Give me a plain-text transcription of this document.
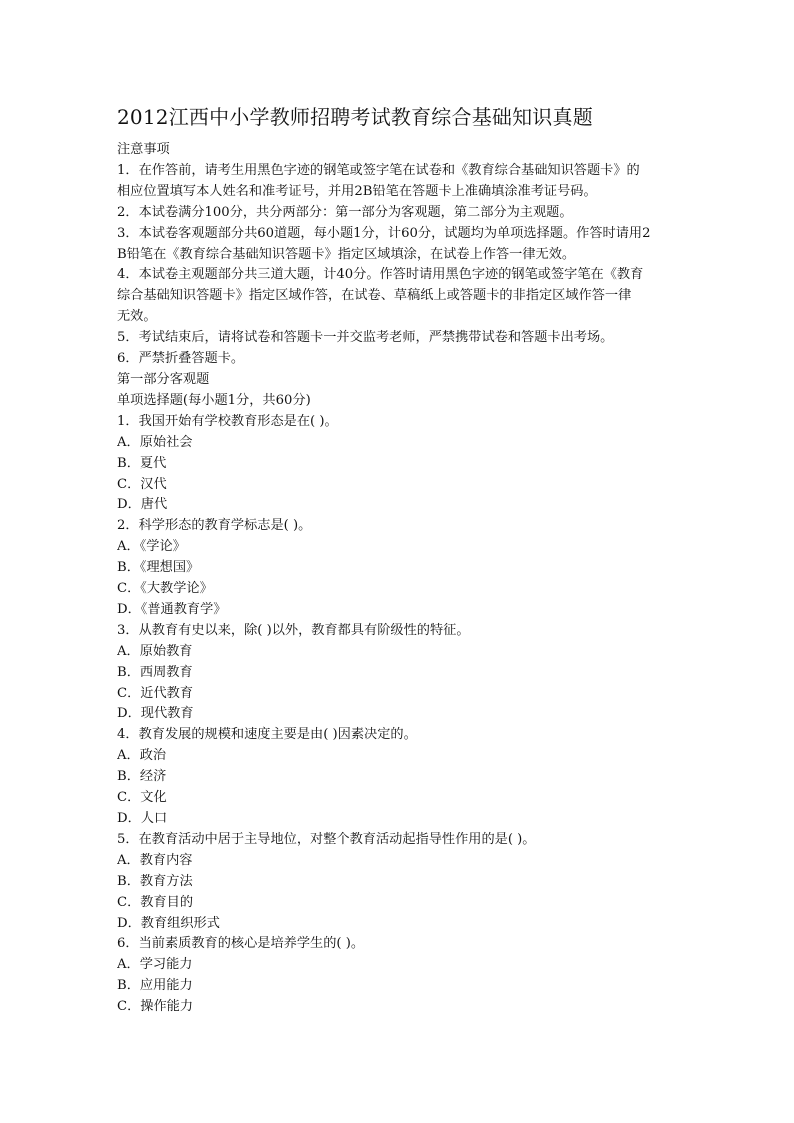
2012江西中小学教师招聘考试教育综合基础知识真题
注意事项
1．在作答前，请考生用黑色字迹的钢笔或签字笔在试卷和《教育综合基础知识答题卡》的
相应位置填写本人姓名和准考证号，并用2B铅笔在答题卡上准确填涂准考证号码。
2．本试卷满分100分，共分两部分：第一部分为客观题，第二部分为主观题。
3．本试卷客观题部分共60道题，每小题1分，计60分，试题均为单项选择题。作答时请用2
B铅笔在《教育综合基础知识答题卡》指定区域填涂，在试卷上作答一律无效。
4．本试卷主观题部分共三道大题，计40分。作答时请用黑色字迹的钢笔或签字笔在《教育
综合基础知识答题卡》指定区域作答，在试卷、草稿纸上或答题卡的非指定区域作答一律
无效。
5．考试结束后，请将试卷和答题卡一并交监考老师，严禁携带试卷和答题卡出考场。
6．严禁折叠答题卡。
第一部分客观题
单项选择题(每小题1分，共60分)
1．我国开始有学校教育形态是在( )。
A．原始社会
B．夏代
C．汉代
D．唐代
2．科学形态的教育学标志是( )。
A．《学论》
B．《理想国》
C．《大教学论》
D．《普通教育学》
3．从教育有史以来，除( )以外，教育都具有阶级性的特征。
A．原始教育
B．西周教育
C．近代教育
D．现代教育
4．教育发展的规模和速度主要是由( )因素决定的。
A．政治
B．经济
C．文化
D．人口
5．在教育活动中居于主导地位，对整个教育活动起指导性作用的是( )。
A．教育内容
B．教育方法
C．教育目的
D．教育组织形式
6．当前素质教育的核心是培养学生的( )。
A．学习能力
B．应用能力
C．操作能力
